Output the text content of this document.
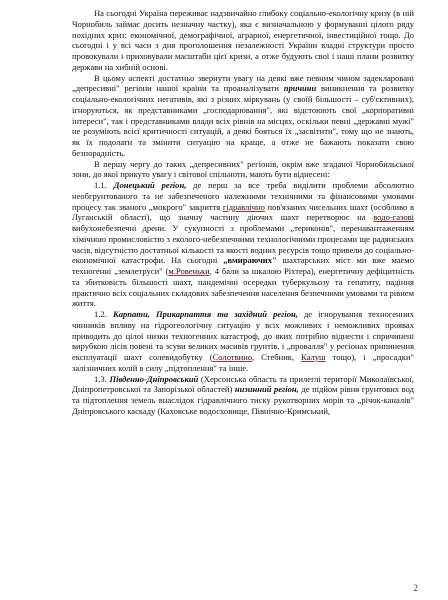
На сьогодні Україна переживає надзвичайно глибоку соціально-екологічну кризу (в ній Чорнобиль займає досить незначну частку), яка є визначальною у формуванні цілого ряду похідних криз: економічної, демографічної, аграрної, енергетичної, інвестиційної тощо. До сьогодні і у всі часи з дня проголошення незалежності України владні структури просто провокували і приховували масштаби цієї кризи, а отже будують свої і наші плани розвитку держави на хибній основі.

В цьому аспекті достатньо звернути увагу на деякі вже певним чином задекларовані „депресивні" регіони нашої країни та проаналізувати причини виникнення та розвитку соціально-екологічних негативів, які з різних міркувань (у своїй більшості – суб'єктивних), ігноруються, як представниками „господарювання", які відстоюють свої „корпоративні інтереси", так і представниками влади всіх рівнів на місцях, оскільки певні „державні мужі" не розуміють всієї критичності ситуацій, а деякі бояться їх „засвітити", тому що не знають, як їх подолати та змінити ситуацію на краще, а отже не бажають показати свою безпорадність.

В першу чергу до таких „депресивних" регіонів, окрім вже згаданої Чорнобильської зони, до якої прикуто увагу і світової спільноти, мають бути віднесені:

1.1. Донецький регіон, де перш за все треба виділити проблеми абсолютно необгрунтованого та не забезпеченого належними технічними та фінансовими умовами процесу так званого „мокрого" закриття гідравлічно пов'язаних чисельних шахт (особливо в Луганській області), що значну частину діючих шахт перетворює на водо-газові вибухонебезпечні дрени. У сукупності з проблемами „териконів", перенавантаженням хімічною промисловістю з еколого-небезпечними технологічними процесами ще радянських часів, відсутністю достатньої кількості та якості водних ресурсів тощо привели до соціально-економічної катастрофи. На сьогодні „вмираючих" шахтарських міст ми вже маємо техногенні „землетруси" (м.Ровеньки, 4 бали за шкалою Ріхтера), енергетичну дефіцитність та збитковість більшості шахт, пандемічні осередки туберкульозу та гепатиту, падіння практично всіх соціальних складових забезпечення населення безпечними умовами та рівнем життя.

1.2. Карпати, Прикарпаття та західний регіон, де ігнорування техногенних чинників впливу на гідрогеологічну ситуацію у всіх можливих і неможливих проявах приводить до цілої низки техногенних катастроф, до яких потрібно віднести і спричинені вирубкою лісів повені та зсуви великих масивів грунтів, і „провалля" у регіонах припинення експлуатації шахт солевидобутку (Солотвино, Стебник, Калуш тощо), і „просадки" залізничних колій в силу „підтоплення" та інше.

1.3. Південно-Дніпровський (Херсонська область та прилеглі території Миколаївської, Дніпропетровської та Запорізької областей) низинний регіон, де підйом рівня грунтових вод та підтоплення земель внаслідок гідравлічного тиску рукотворних морів та „річок-каналів" Дніпровського каскаду (Каховське водосховище, Північно-Кримський,

2
